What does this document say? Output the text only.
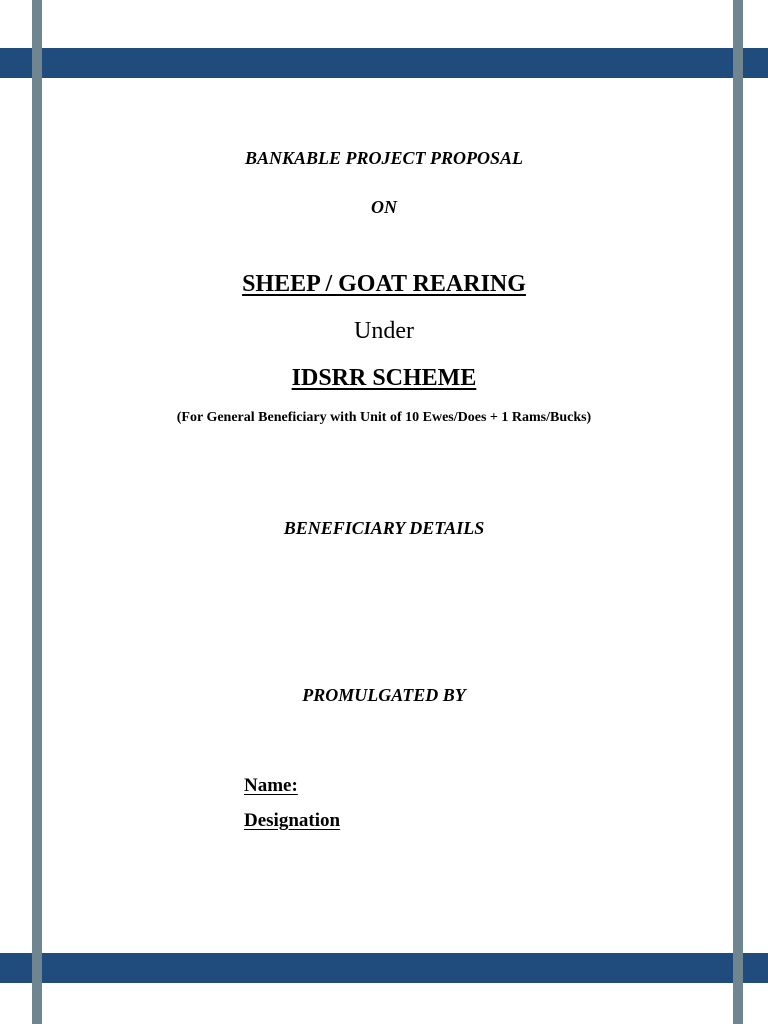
BANKABLE PROJECT PROPOSAL
ON
SHEEP / GOAT REARING
Under
IDSRR SCHEME
(For General Beneficiary with Unit of 10 Ewes/Does + 1 Rams/Bucks)
BENEFICIARY DETAILS
PROMULGATED BY
Name:
Designation
